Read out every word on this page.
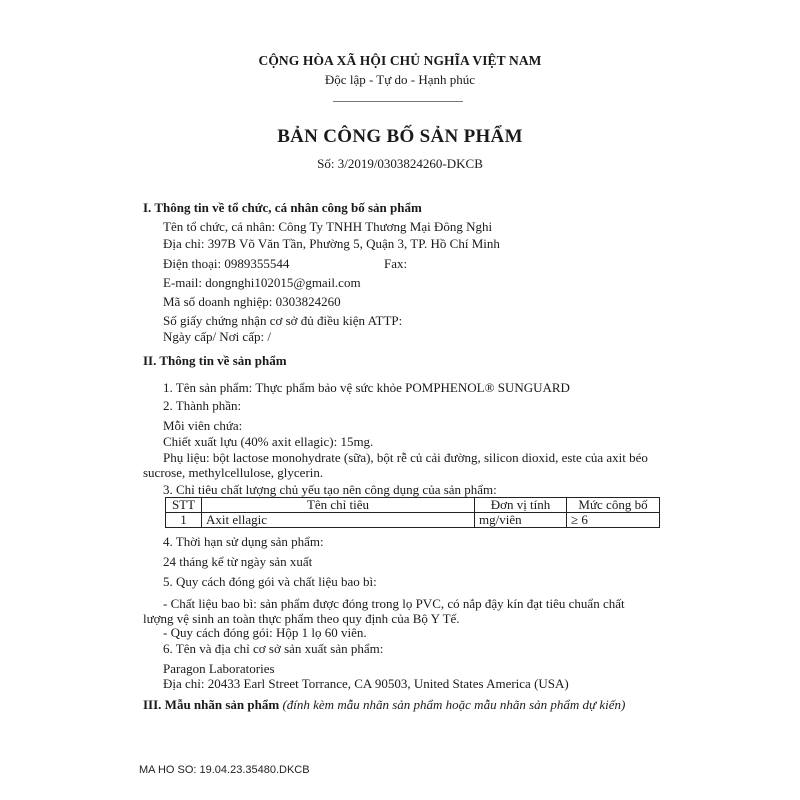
CỘNG HÒA XÃ HỘI CHỦ NGHĨA VIỆT NAM
Độc lập - Tự do - Hạnh phúc
BẢN CÔNG BỐ SẢN PHẨM
Số: 3/2019/0303824260-DKCB
I. Thông tin về tổ chức, cá nhân công bố sản phẩm
Tên tổ chức, cá nhân: Công Ty TNHH Thương Mại Đông Nghi
Địa chỉ: 397B Võ Văn Tần, Phường 5, Quận 3, TP. Hồ Chí Minh
Điện thoại: 0989355544	Fax:
E-mail: dongnghi102015@gmail.com
Mã số doanh nghiệp: 0303824260
Số giấy chứng nhận cơ sở đủ điều kiện ATTP:
Ngày cấp/ Nơi cấp: /
II. Thông tin về sản phẩm
1. Tên sản phẩm: Thực phẩm bảo vệ sức khỏe POMPHENOL® SUNGUARD
2. Thành phần:
Mỗi viên chứa:
Chiết xuất lựu (40% axit ellagic): 15mg.
Phụ liệu: bột lactose monohydrate (sữa), bột rễ củ cải đường, silicon dioxid, este của axit béo
sucrose, methylcellulose, glycerin.
3. Chỉ tiêu chất lượng chủ yếu tạo nên công dụng của sản phẩm:
STT	Tên chỉ tiêu	Đơn vị tính	Mức công bố
1	Axit ellagic	mg/viên	≥ 6
4. Thời hạn sử dụng sản phẩm:
24 tháng kể từ ngày sản xuất
5. Quy cách đóng gói và chất liệu bao bì:
- Chất liệu bao bì: sản phẩm được đóng trong lọ PVC, có nắp đậy kín đạt tiêu chuẩn chất
lượng vệ sinh an toàn thực phẩm theo quy định của Bộ Y Tế.
- Quy cách đóng gói: Hộp 1 lọ 60 viên.
6. Tên và địa chỉ cơ sở sản xuất sản phẩm:
Paragon Laboratories
Địa chỉ: 20433 Earl Street Torrance, CA 90503, United States America (USA)
III. Mẫu nhãn sản phẩm (đính kèm mẫu nhãn sản phẩm hoặc mẫu nhãn sản phẩm dự kiến)
MA HO SO: 19.04.23.35480.DKCB
